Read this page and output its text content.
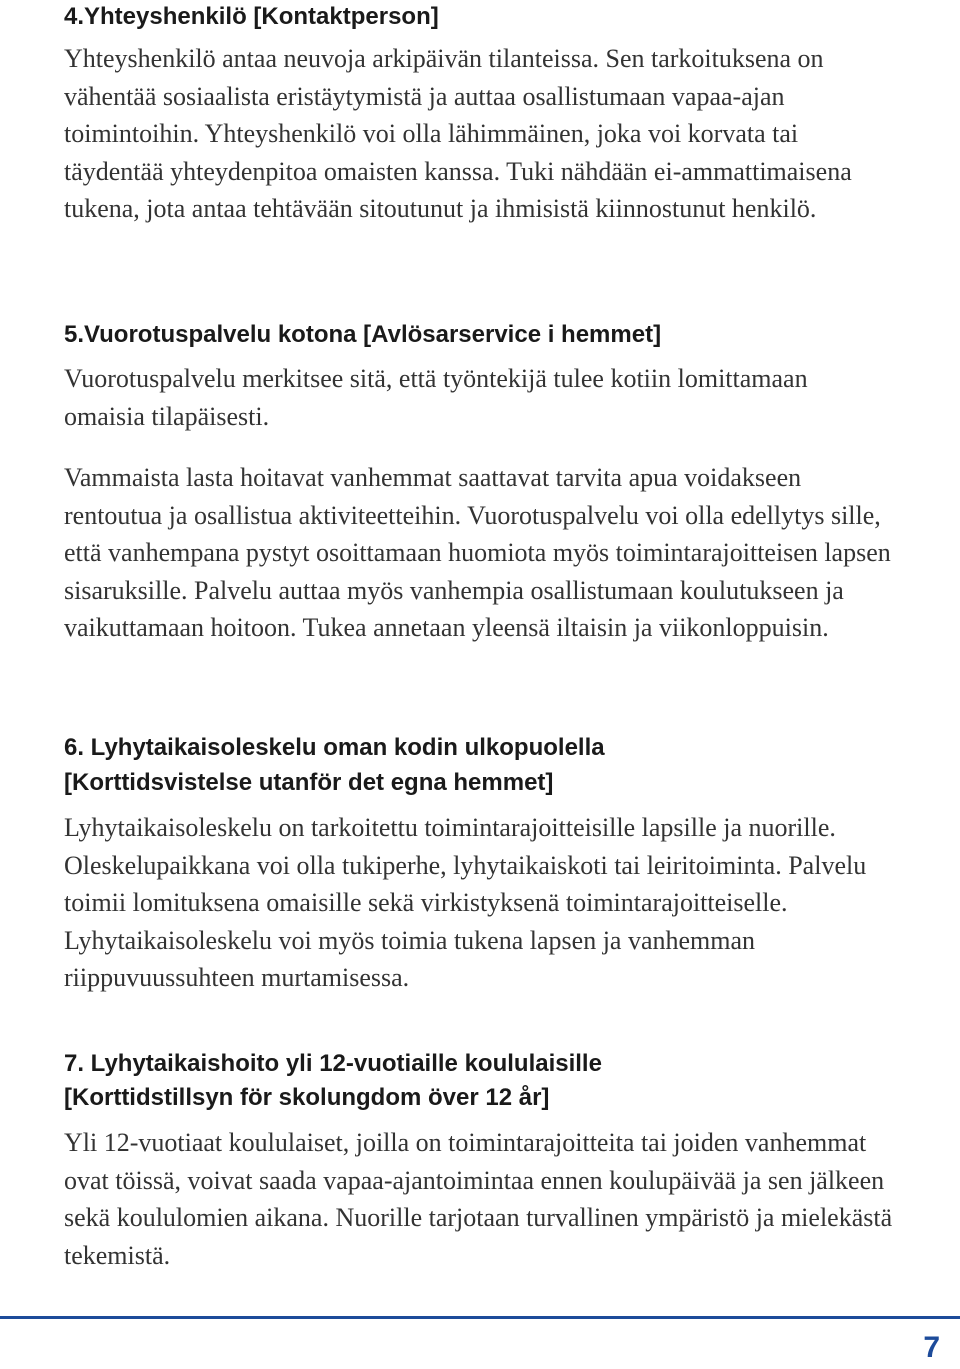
4.Yhteyshenkilö [Kontaktperson]

Yhteyshenkilö antaa neuvoja arkipäivän tilanteissa. Sen tarkoituksena on vähentää sosiaalista eristäytymistä ja auttaa osallistumaan vapaa-ajan toimintoihin. Yhteyshenkilö voi olla lähimmäinen, joka voi korvata tai täydentää yhteydenpitoa omaisten kanssa. Tuki nähdään ei-ammattimaisena tukena, jota antaa tehtävään sitoutunut ja ihmisistä kiinnostunut henkilö.

5.Vuorotuspalvelu kotona [Avlösarservice i hemmet]

Vuorotuspalvelu merkitsee sitä, että työntekijä tulee kotiin lomittamaan omaisia tilapäisesti.

Vammaista lasta hoitavat vanhemmat saattavat tarvita apua voidakseen rentoutua ja osallistua aktiviteetteihin. Vuorotuspalvelu voi olla edellytys sille, että vanhempana pystyt osoittamaan huomiota myös toimintarajoitteisen lapsen sisaruksille. Palvelu auttaa myös vanhempia osallistumaan koulutukseen ja vaikuttamaan hoitoon. Tukea annetaan yleensä iltaisin ja viikonloppuisin.

6. Lyhytaikaisoleskelu oman kodin ulkopuolella
[Korttidsvistelse utanför det egna hemmet]

Lyhytaikaisoleskelu on tarkoitettu toimintarajoitteisille lapsille ja nuorille. Oleskelupaikkana voi olla tukiperhe, lyhytaikaiskoti tai leiritoiminta. Palvelu toimii lomituksena omaisille sekä virkistyksenä toimintarajoitteiselle. Lyhytaikaisoleskelu voi myös toimia tukena lapsen ja vanhemman riippuvuussuhteen murtamisessa.

7. Lyhytaikaishoito yli 12-vuotiaille koululaisille
[Korttidstillsyn för skolungdom över 12 år]

Yli 12-vuotiaat koululaiset, joilla on toimintarajoitteita tai joiden vanhemmat ovat töissä, voivat saada vapaa-ajantoimintaa ennen koulupäivää ja sen jälkeen sekä koululomien aikana. Nuorille tarjotaan turvallinen ympäristö ja mielekästä tekemistä.

7
